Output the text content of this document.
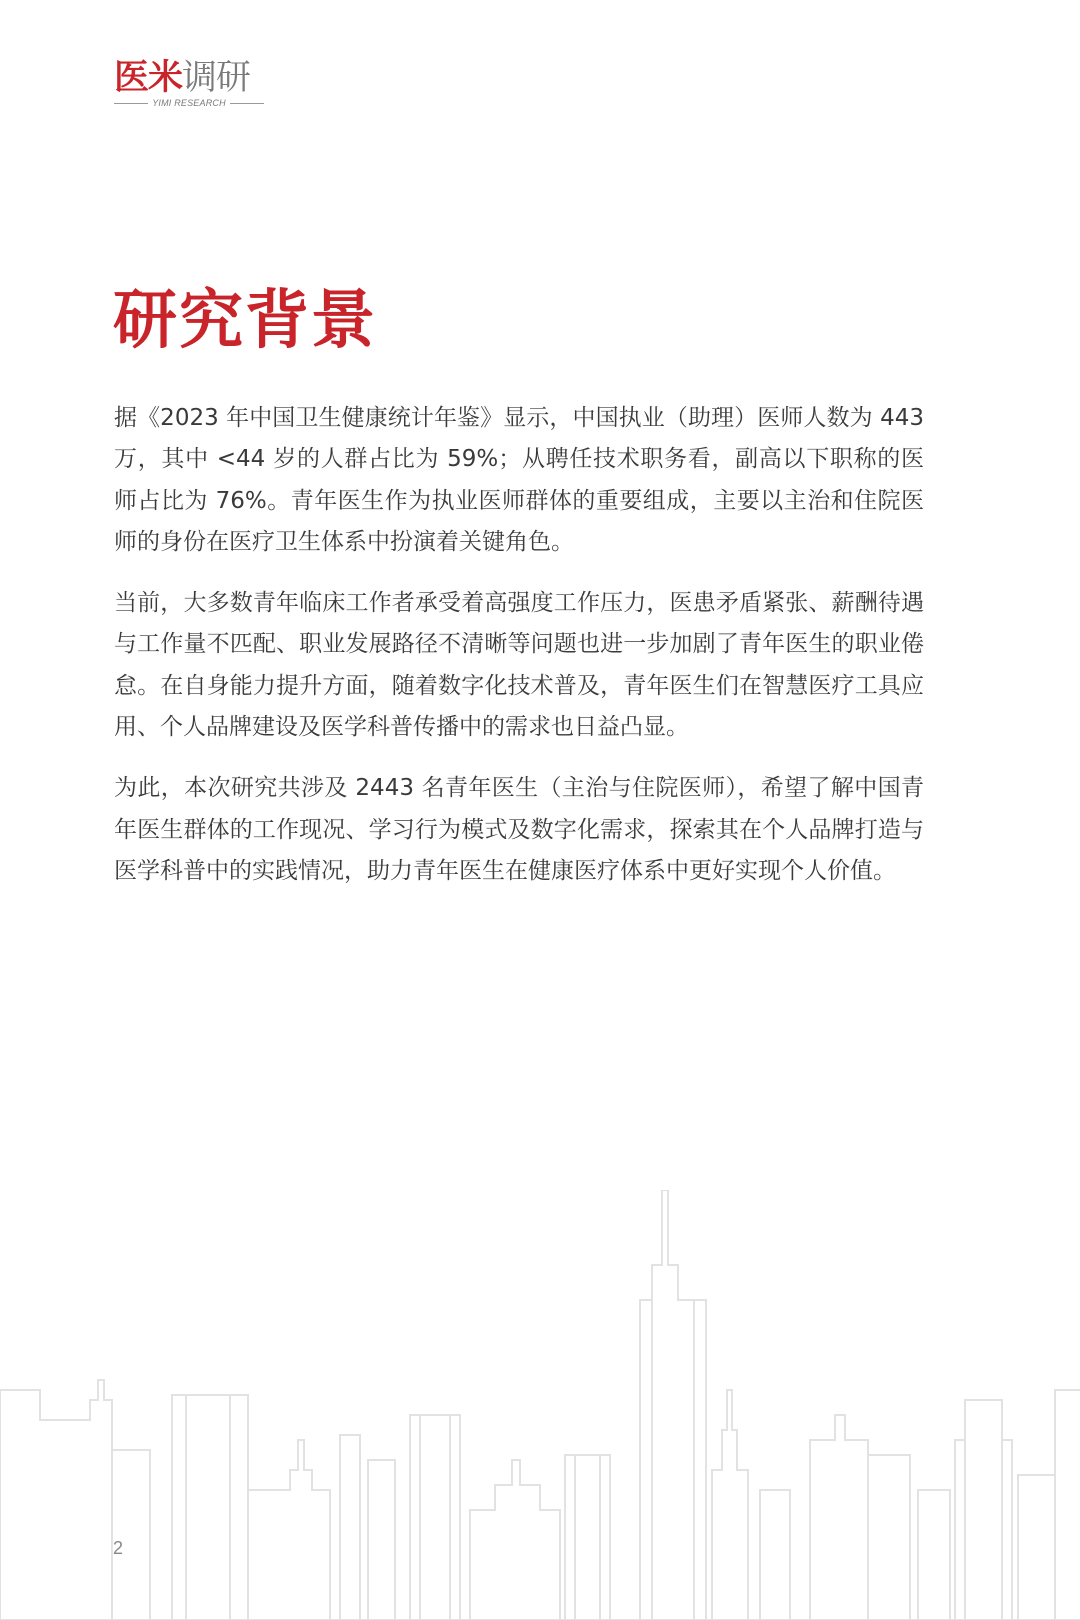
医米调研
YIMI RESEARCH
研究背景

据《2023 年中国卫生健康统计年鉴》显示，中国执业（助理）医师人数为 443 万，其中 <44 岁的人群占比为 59%；从聘任技术职务看，副高以下职称的医师占比为 76%。青年医生作为执业医师群体的重要组成，主要以主治和住院医师的身份在医疗卫生体系中扮演着关键角色。

当前，大多数青年临床工作者承受着高强度工作压力，医患矛盾紧张、薪酬待遇与工作量不匹配、职业发展路径不清晰等问题也进一步加剧了青年医生的职业倦怠。在自身能力提升方面，随着数字化技术普及，青年医生们在智慧医疗工具应用、个人品牌建设及医学科普传播中的需求也日益凸显。

为此，本次研究共涉及 2443 名青年医生（主治与住院医师），希望了解中国青年医生群体的工作现况、学习行为模式及数字化需求，探索其在个人品牌打造与医学科普中的实践情况，助力青年医生在健康医疗体系中更好实现个人价值。

2
